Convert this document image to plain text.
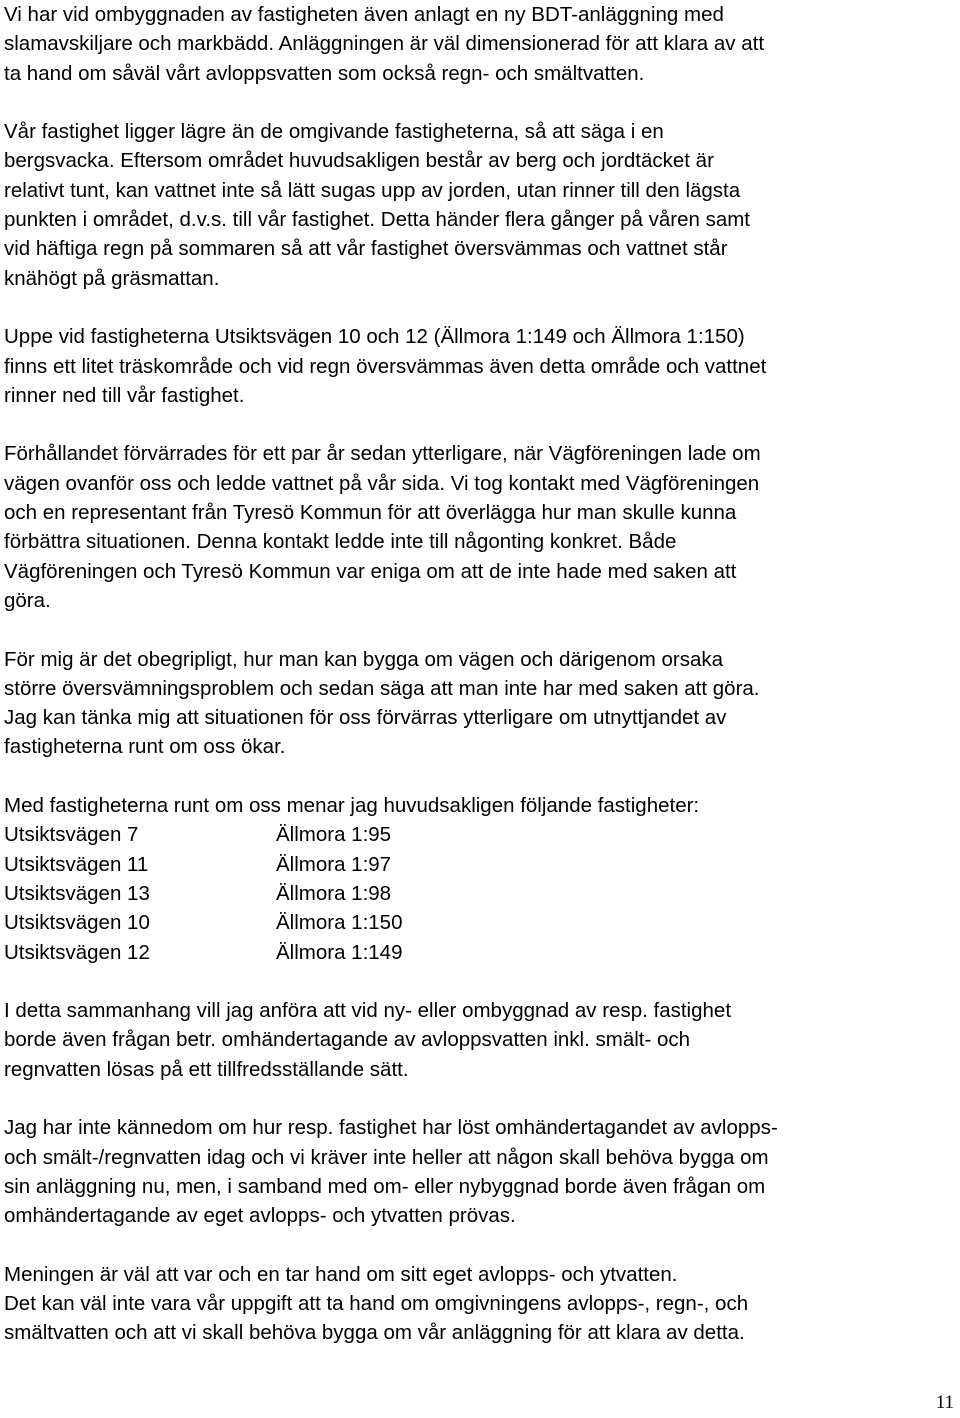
Vi har vid ombyggnaden av fastigheten även anlagt en ny BDT-anläggning med
slamavskiljare och markbädd. Anläggningen är väl dimensionerad för att klara av att
ta hand om såväl vårt avloppsvatten som också regn- och smältvatten.

Vår fastighet ligger lägre än de omgivande fastigheterna, så att säga i en
bergsvacka. Eftersom området huvudsakligen består av berg och jordtäcket är
relativt tunt, kan vattnet inte så lätt sugas upp av jorden, utan rinner till den lägsta
punkten i området, d.v.s. till vår fastighet. Detta händer flera gånger på våren samt
vid häftiga regn på sommaren så att vår fastighet översvämmas och vattnet står
knähögt på gräsmattan.

Uppe vid fastigheterna Utsiktsvägen 10 och 12 (Ällmora 1:149 och Ällmora 1:150)
finns ett litet träskområde och vid regn översvämmas även detta område och vattnet
rinner ned till vår fastighet.

Förhållandet förvärrades för ett par år sedan ytterligare, när Vägföreningen lade om
vägen ovanför oss och ledde vattnet på vår sida. Vi tog kontakt med Vägföreningen
och en representant från Tyresö Kommun för att överlägga hur man skulle kunna
förbättra situationen. Denna kontakt ledde inte till någonting konkret. Både
Vägföreningen och Tyresö Kommun var eniga om att de inte hade med saken att
göra.

För mig är det obegripligt, hur man kan bygga om vägen och därigenom orsaka
större översvämningsproblem och sedan säga att man inte har med saken att göra.
Jag kan tänka mig att situationen för oss förvärras ytterligare om utnyttjandet av
fastigheterna runt om oss ökar.

Med fastigheterna runt om oss menar jag huvudsakligen följande fastigheter:

Utsiktsvägen 7	Ällmora 1:95
Utsiktsvägen 11	Ällmora 1:97
Utsiktsvägen 13	Ällmora 1:98
Utsiktsvägen 10	Ällmora 1:150
Utsiktsvägen 12	Ällmora 1:149

I detta sammanhang vill jag anföra att vid ny- eller ombyggnad av resp. fastighet
borde även frågan betr. omhändertagande av avloppsvatten inkl. smält- och
regnvatten lösas på ett tillfredsställande sätt.

Jag har inte kännedom om hur resp. fastighet har löst omhändertagandet av avlopps-
och smält-/regnvatten idag och vi kräver inte heller att någon skall behöva bygga om
sin anläggning nu, men, i samband med om- eller nybyggnad borde även frågan om
omhändertagande av eget avlopps- och ytvatten prövas.

Meningen är väl att var och en tar hand om sitt eget avlopps- och ytvatten.
Det kan väl inte vara vår uppgift att ta hand om omgivningens avlopps-, regn-, och
smältvatten och att vi skall behöva bygga om vår anläggning för att klara av detta.

11
